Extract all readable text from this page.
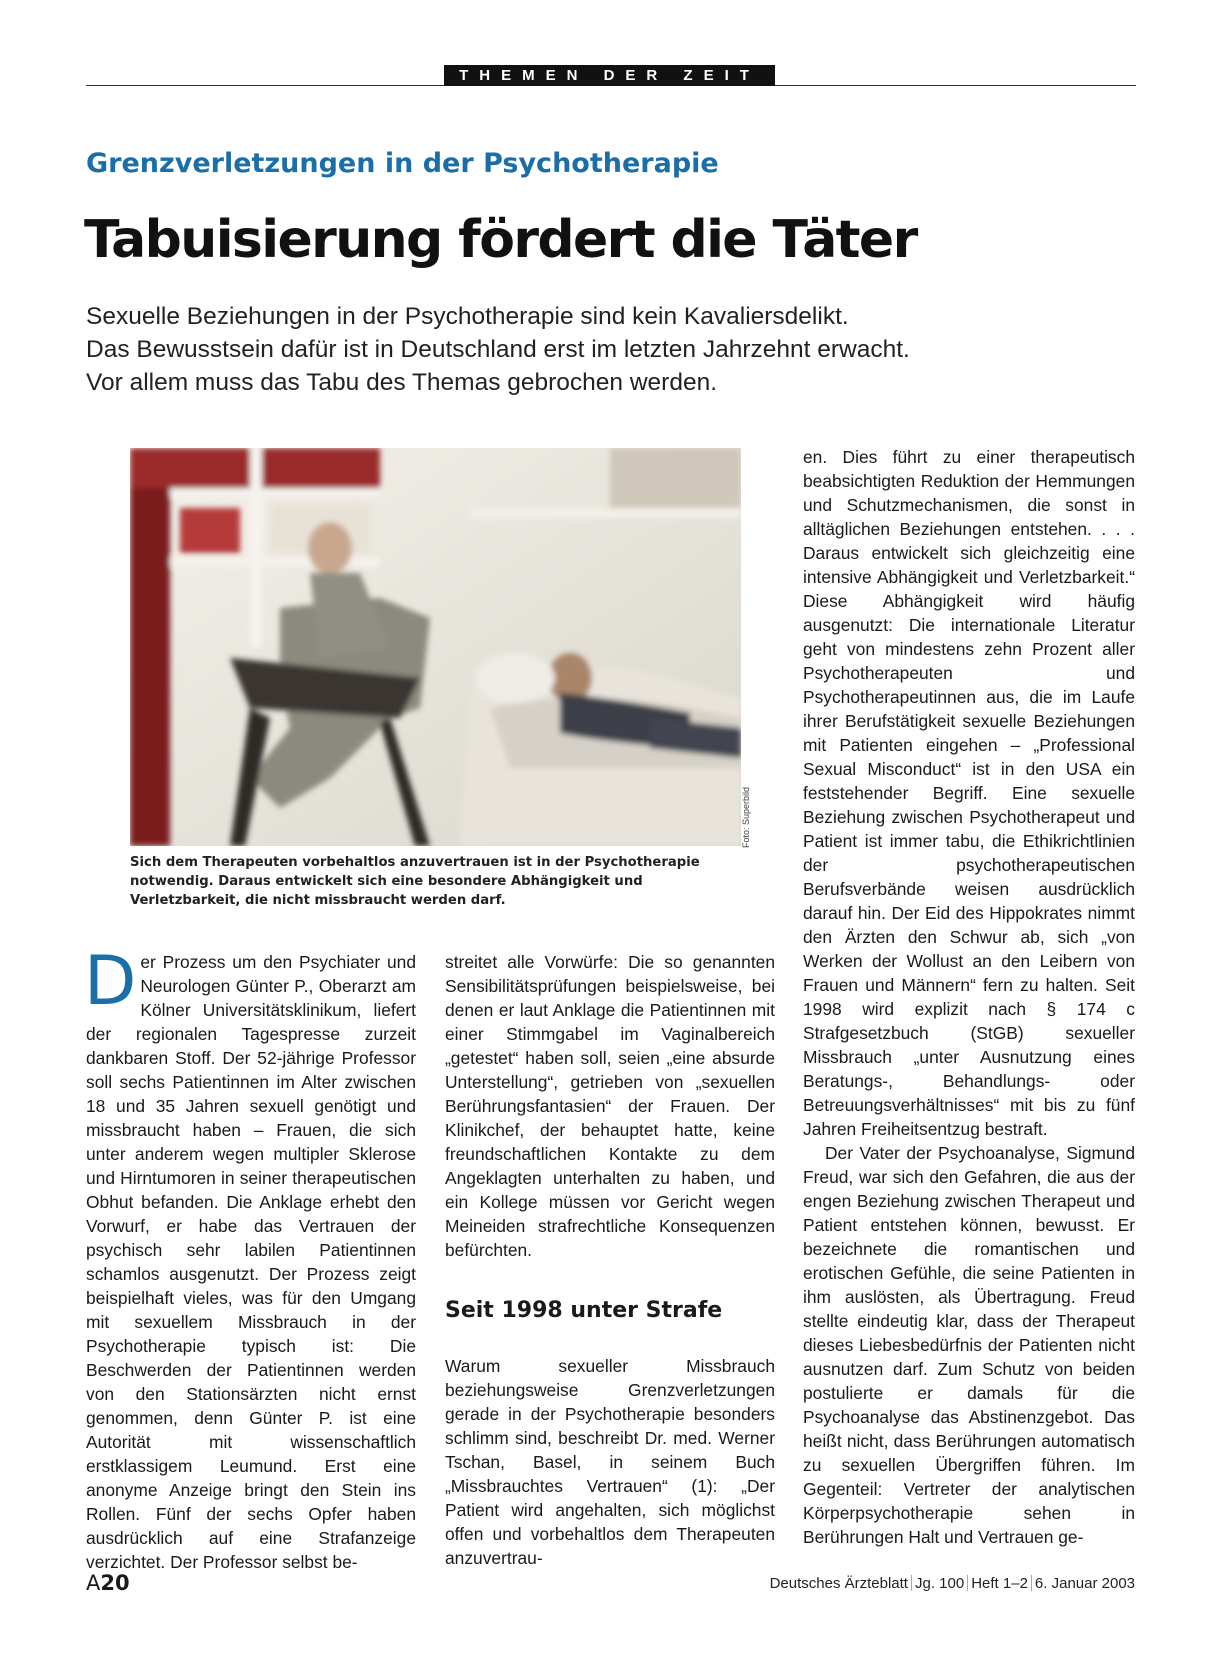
THEMEN DER ZEIT
Grenzverletzungen in der Psychotherapie
Tabuisierung fördert die Täter
Sexuelle Beziehungen in der Psychotherapie sind kein Kavaliersdelikt.
Das Bewusstsein dafür ist in Deutschland erst im letzten Jahrzehnt erwacht.
Vor allem muss das Tabu des Themas gebrochen werden.
Foto: Superbild
Sich dem Therapeuten vorbehaltlos anzuvertrauen ist in der Psychotherapie notwendig. Daraus entwickelt sich eine besondere Abhängigkeit und Verletzbarkeit, die nicht missbraucht werden darf.
D er Prozess um den Psychiater und Neurologen Günter P., Oberarzt am Kölner Universitätsklinikum, liefert der regionalen Tagespresse zurzeit dankbaren Stoff. Der 52-jährige Professor soll sechs Patientinnen im Alter zwischen 18 und 35 Jahren sexuell genötigt und missbraucht haben – Frauen, die sich unter anderem wegen multipler Sklerose und Hirntumoren in seiner therapeutischen Obhut befanden. Die Anklage erhebt den Vorwurf, er habe das Vertrauen der psychisch sehr labilen Patientinnen schamlos ausgenutzt. Der Prozess zeigt beispielhaft vieles, was für den Umgang mit sexuellem Missbrauch in der Psychotherapie typisch ist: Die Beschwerden der Patientinnen werden von den Stationsärzten nicht ernst genommen, denn Günter P. ist eine Autorität mit wissenschaftlich erstklassigem Leumund. Erst eine anonyme Anzeige bringt den Stein ins Rollen. Fünf der sechs Opfer haben ausdrücklich auf eine Strafanzeige verzichtet. Der Professor selbst be-

streitet alle Vorwürfe: Die so genannten Sensibilitätsprüfungen beispielsweise, bei denen er laut Anklage die Patientinnen mit einer Stimmgabel im Vaginalbereich „getestet“ haben soll, seien „eine absurde Unterstellung“, getrieben von „sexuellen Berührungsfantasien“ der Frauen. Der Klinikchef, der behauptet hatte, keine freundschaftlichen Kontakte zu dem Angeklagten unterhalten zu haben, und ein Kollege müssen vor Gericht wegen Meineiden strafrechtliche Konsequenzen befürchten.

Seit 1998 unter Strafe

Warum sexueller Missbrauch beziehungsweise Grenzverletzungen gerade in der Psychotherapie besonders schlimm sind, beschreibt Dr. med. Werner Tschan, Basel, in seinem Buch „Missbrauchtes Vertrauen“ (1): „Der Patient wird angehalten, sich möglichst offen und vorbehaltlos dem Therapeuten anzuvertrau-

en. Dies führt zu einer therapeutisch beabsichtigten Reduktion der Hemmungen und Schutzmechanismen, die sonst in alltäglichen Beziehungen entstehen. . . . Daraus entwickelt sich gleichzeitig eine intensive Abhängigkeit und Verletzbarkeit.“ Diese Abhängigkeit wird häufig ausgenutzt: Die internationale Literatur geht von mindestens zehn Prozent aller Psychotherapeuten und Psychotherapeutinnen aus, die im Laufe ihrer Berufstätigkeit sexuelle Beziehungen mit Patienten eingehen – „Professional Sexual Misconduct“ ist in den USA ein feststehender Begriff. Eine sexuelle Beziehung zwischen Psychotherapeut und Patient ist immer tabu, die Ethikrichtlinien der psychotherapeutischen Berufsverbände weisen ausdrücklich darauf hin. Der Eid des Hippokrates nimmt den Ärzten den Schwur ab, sich „von Werken der Wollust an den Leibern von Frauen und Männern“ fern zu halten. Seit 1998 wird explizit nach § 174 c Strafgesetzbuch (StGB) sexueller Missbrauch „unter Ausnutzung eines Beratungs-, Behandlungs- oder Betreuungsverhältnisses“ mit bis zu fünf Jahren Freiheitsentzug bestraft.

Der Vater der Psychoanalyse, Sigmund Freud, war sich den Gefahren, die aus der engen Beziehung zwischen Therapeut und Patient entstehen können, bewusst. Er bezeichnete die romantischen und erotischen Gefühle, die seine Patienten in ihm auslösten, als Übertragung. Freud stellte eindeutig klar, dass der Therapeut dieses Liebesbedürfnis der Patienten nicht ausnutzen darf. Zum Schutz von beiden postulierte er damals für die Psychoanalyse das Abstinenzgebot. Das heißt nicht, dass Berührungen automatisch zu sexuellen Übergriffen führen. Im Gegenteil: Vertreter der analytischen Körperpsychotherapie sehen in Berührungen Halt und Vertrauen ge-

A20	Deutsches Ärzteblatt Jg. 100 Heft 1–2 6. Januar 2003
